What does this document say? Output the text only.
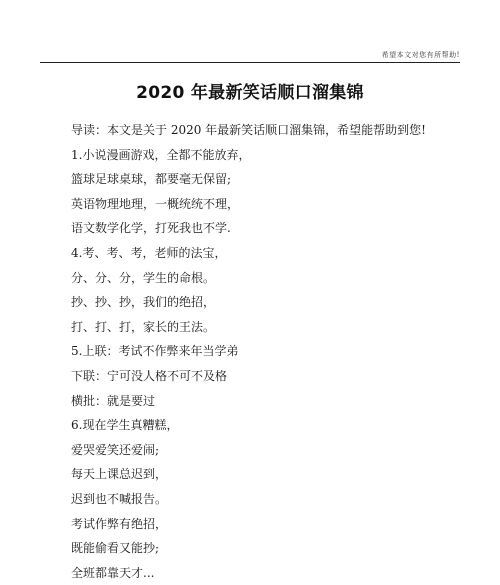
希望本文对您有所帮助!
2020 年最新笑话顺口溜集锦
导读：本文是关于 2020 年最新笑话顺口溜集锦，希望能帮助到您!
1.小说漫画游戏，全都不能放弃，
篮球足球桌球，都要毫无保留;
英语物理地理，一概统统不理，
语文数学化学，打死我也不学.
4.考、考、考，老师的法宝，
分、分、分，学生的命根。
抄、抄、抄，我们的绝招，
打、打、打，家长的王法。
5.上联：考试不作弊来年当学弟
下联：宁可没人格不可不及格
横批：就是要过
6.现在学生真糟糕，
爱哭爱笑还爱闹;
每天上课总迟到，
迟到也不喊报告。
考试作弊有绝招，
既能偷看又能抄;
全班都靠天才...
